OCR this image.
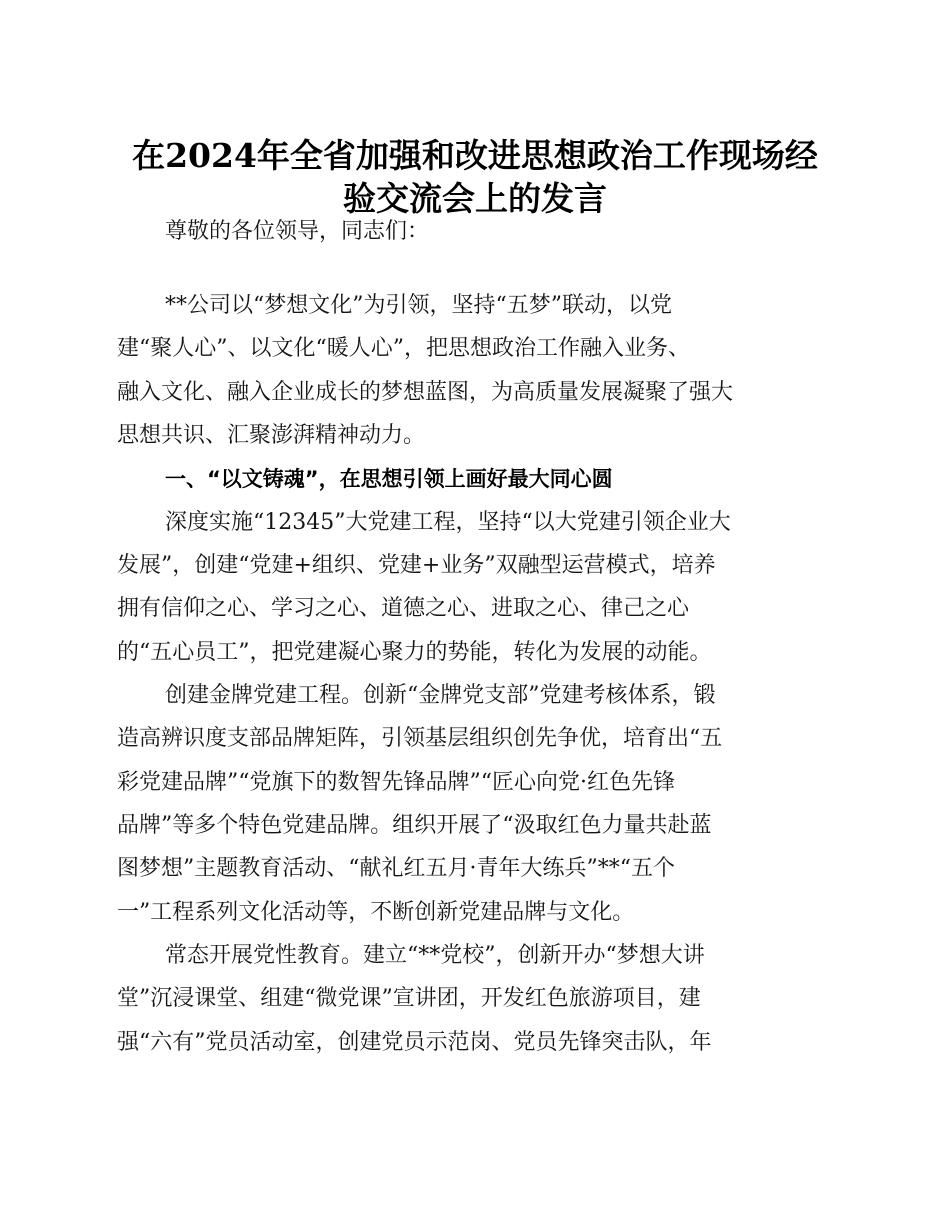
在2024年全省加强和改进思想政治工作现场经
验交流会上的发言
尊敬的各位领导，同志们：
**公司以“梦想文化”为引领，坚持“五梦”联动，以党
建“聚人心”、以文化“暖人心”，把思想政治工作融入业务、
融入文化、融入企业成长的梦想蓝图，为高质量发展凝聚了强大
思想共识、汇聚澎湃精神动力。
一、“以文铸魂”，在思想引领上画好最大同心圆
深度实施“12345”大党建工程，坚持“以大党建引领企业大
发展”，创建“党建+组织、党建+业务”双融型运营模式，培养
拥有信仰之心、学习之心、道德之心、进取之心、律己之心
的“五心员工”，把党建凝心聚力的势能，转化为发展的动能。
创建金牌党建工程。创新“金牌党支部”党建考核体系，锻
造高辨识度支部品牌矩阵，引领基层组织创先争优，培育出“五
彩党建品牌”“党旗下的数智先锋品牌”“匠心向党·红色先锋
品牌”等多个特色党建品牌。组织开展了“汲取红色力量共赴蓝
图梦想”主题教育活动、“献礼红五月·青年大练兵”**“五个
一”工程系列文化活动等，不断创新党建品牌与文化。
常态开展党性教育。建立“**党校”，创新开办“梦想大讲
堂”沉浸课堂、组建“微党课”宣讲团，开发红色旅游项目，建
强“六有”党员活动室，创建党员示范岗、党员先锋突击队，年
